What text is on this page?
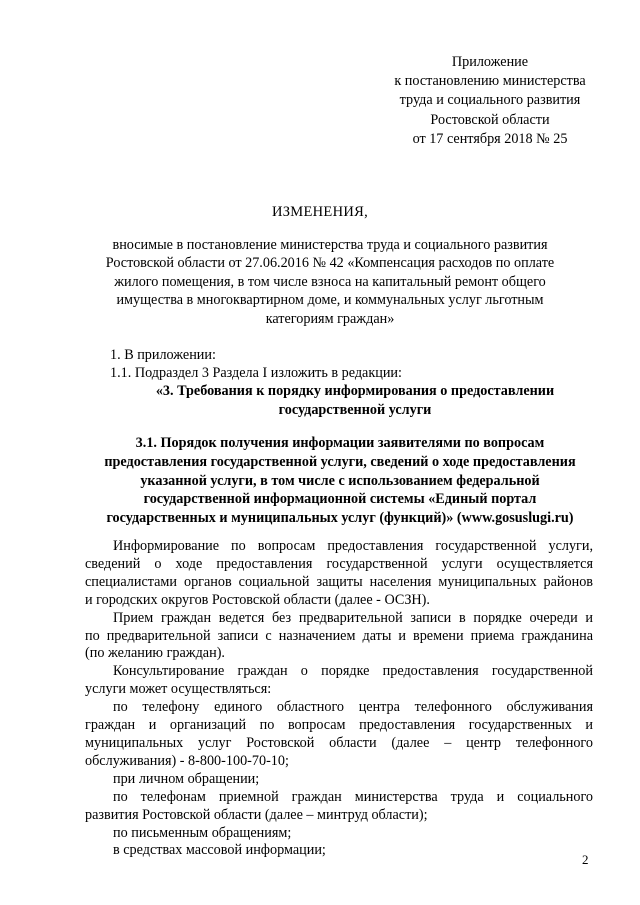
Приложение
к постановлению министерства
труда и социального развития
Ростовской области
от 17 сентября 2018 № 25
ИЗМЕНЕНИЯ,
вносимые в постановление министерства труда и социального развития
Ростовской области от 27.06.2016 № 42 «Компенсация расходов по оплате
жилого помещения, в том числе взноса на капитальный ремонт общего
имущества в многоквартирном доме, и коммунальных услуг льготным
категориям граждан»
1. В приложении:
1.1. Подраздел 3 Раздела I изложить в редакции:
«3. Требования к порядку информирования о предоставлении
государственной услуги
3.1. Порядок получения информации заявителями по вопросам
предоставления государственной услуги, сведений о ходе предоставления
указанной услуги, в том числе с использованием федеральной
государственной информационной системы «Единый портал
государственных и муниципальных услуг (функций)» (www.gosuslugi.ru)
Информирование по вопросам предоставления государственной услуги,
сведений о ходе предоставления государственной услуги осуществляется
специалистами органов социальной защиты населения муниципальных районов
и городских округов Ростовской области (далее - ОСЗН).
Прием граждан ведется без предварительной записи в порядке очереди и
по предварительной записи с назначением даты и времени приема гражданина
(по желанию граждан).
Консультирование граждан о порядке предоставления государственной
услуги может осуществляться:
по телефону единого областного центра телефонного обслуживания
граждан и организаций по вопросам предоставления государственных и
муниципальных услуг Ростовской области (далее – центр телефонного
обслуживания) - 8-800-100-70-10;
при личном обращении;
по телефонам приемной граждан министерства труда и социального
развития Ростовской области (далее – минтруд области);
по письменным обращениям;
в средствах массовой информации;
2
